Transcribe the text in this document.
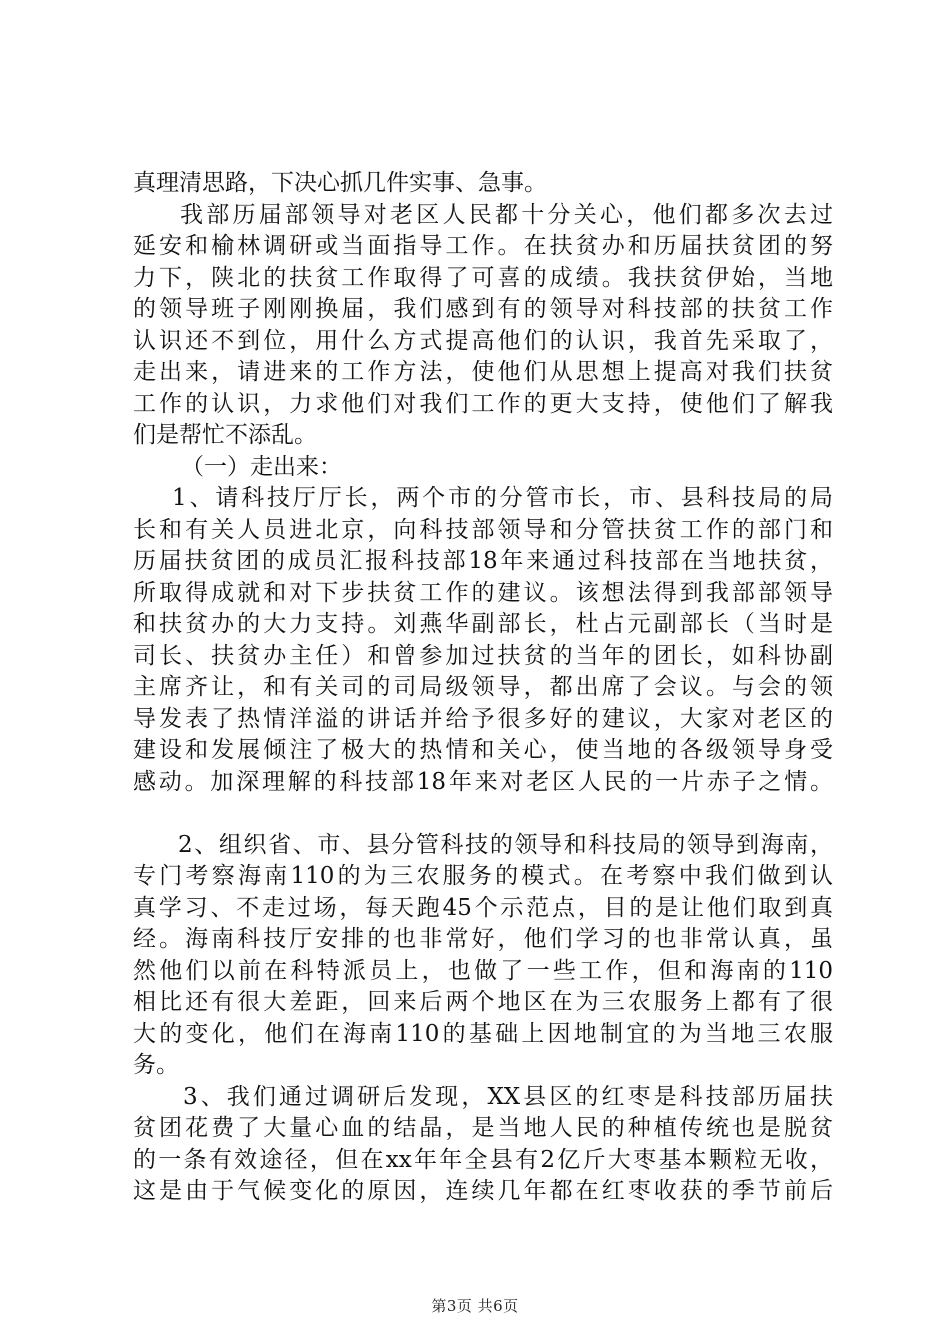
真理清思路，下决心抓几件实事、急事。
我部历届部领导对老区人民都十分关心，他们都多次去过
延安和榆林调研或当面指导工作。在扶贫办和历届扶贫团的努
力下，陕北的扶贫工作取得了可喜的成绩。我扶贫伊始，当地
的领导班子刚刚换届，我们感到有的领导对科技部的扶贫工作
认识还不到位，用什么方式提高他们的认识，我首先采取了，
走出来，请进来的工作方法，使他们从思想上提高对我们扶贫
工作的认识，力求他们对我们工作的更大支持，使他们了解我
们是帮忙不添乱。
（一）走出来：
1、请科技厅厅长，两个市的分管市长，市、县科技局的局
长和有关人员进北京，向科技部领导和分管扶贫工作的部门和
历届扶贫团的成员汇报科技部18年来通过科技部在当地扶贫，
所取得成就和对下步扶贫工作的建议。该想法得到我部部领导
和扶贫办的大力支持。刘燕华副部长，杜占元副部长（当时是
司长、扶贫办主任）和曾参加过扶贫的当年的团长，如科协副
主席齐让，和有关司的司局级领导，都出席了会议。与会的领
导发表了热情洋溢的讲话并给予很多好的建议，大家对老区的
建设和发展倾注了极大的热情和关心，使当地的各级领导身受
感动。加深理解的科技部18年来对老区人民的一片赤子之情。
2、组织省、市、县分管科技的领导和科技局的领导到海南，
专门考察海南110的为三农服务的模式。在考察中我们做到认
真学习、不走过场，每天跑45个示范点，目的是让他们取到真
经。海南科技厅安排的也非常好，他们学习的也非常认真，虽
然他们以前在科特派员上，也做了一些工作，但和海南的110
相比还有很大差距，回来后两个地区在为三农服务上都有了很
大的变化，他们在海南110的基础上因地制宜的为当地三农服
务。
3、我们通过调研后发现，XX县区的红枣是科技部历届扶
贫团花费了大量心血的结晶，是当地人民的种植传统也是脱贫
的一条有效途径，但在xx年年全县有2亿斤大枣基本颗粒无收，
这是由于气候变化的原因，连续几年都在红枣收获的季节前后
第3页 共6页
